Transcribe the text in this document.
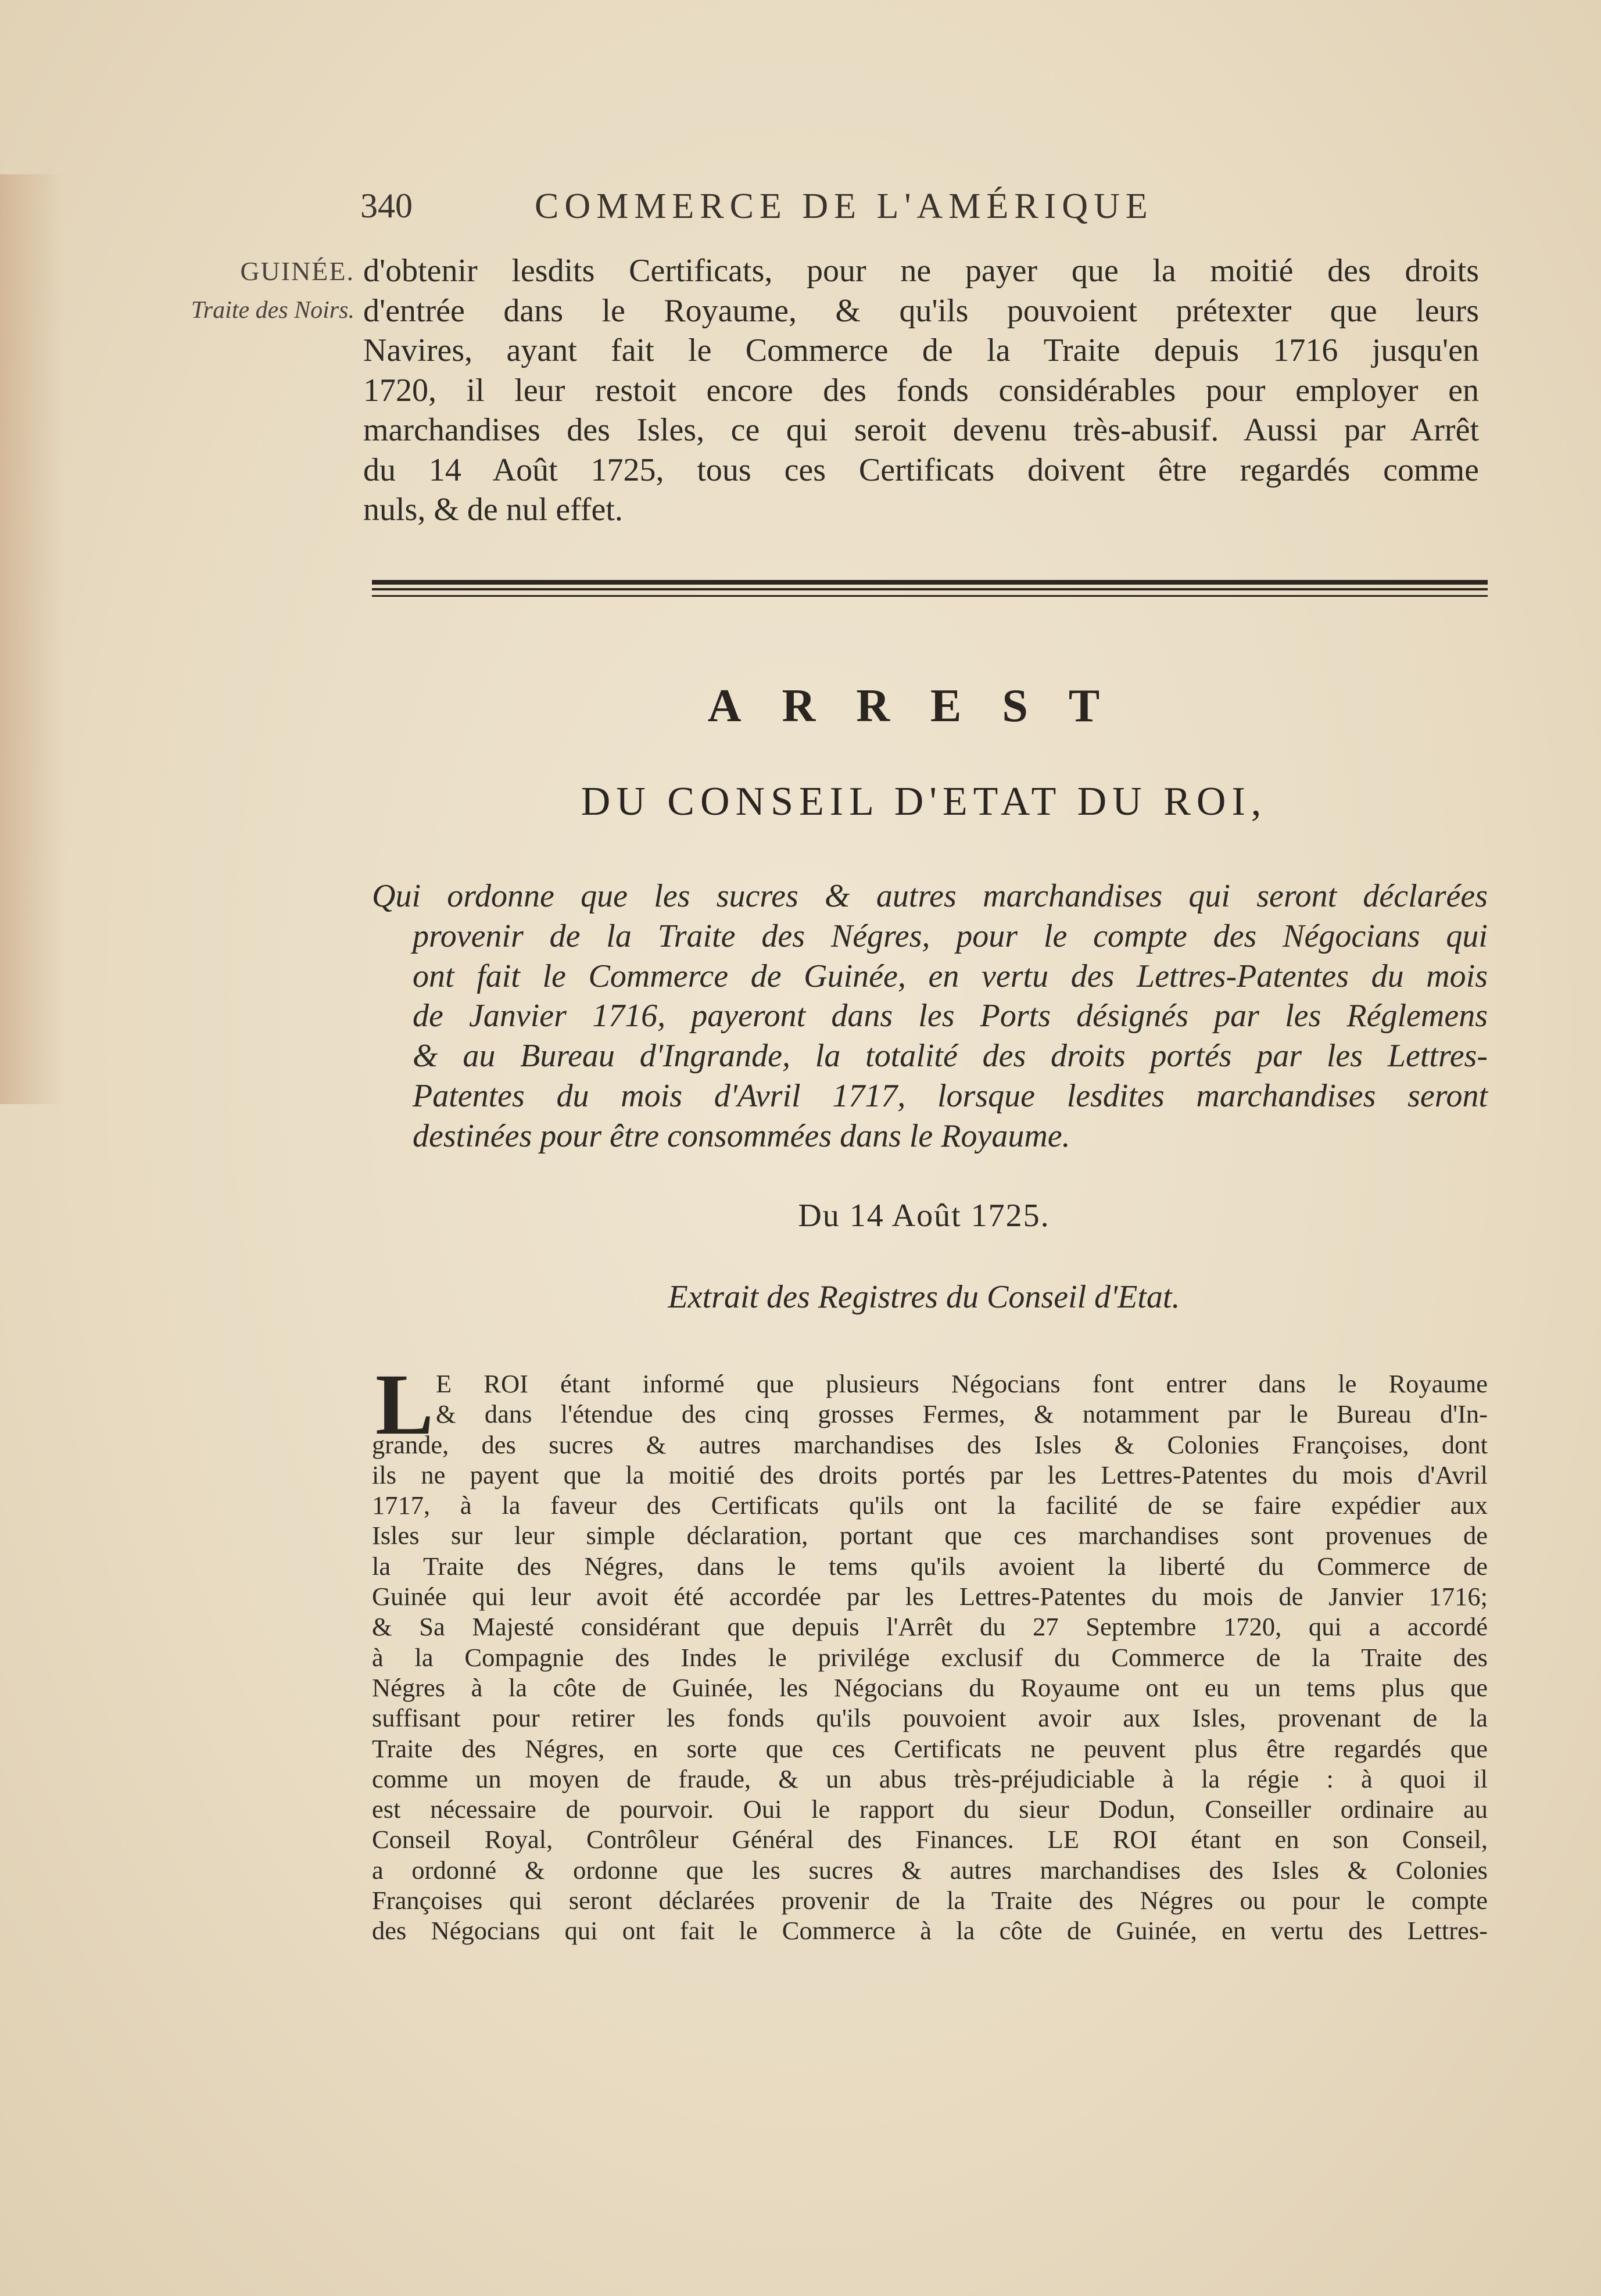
340	COMMERCE DE L'AMÉRIQUE
GUINÉE.
Traite des Noirs.
d'obtenir lesdits Certificats, pour ne payer que la moitié des droits
d'entrée dans le Royaume, & qu'ils pouvoient prétexter que leurs
Navires, ayant fait le Commerce de la Traite depuis 1716 jusqu'en
1720, il leur restoit encore des fonds considérables pour employer en
marchandises des Isles, ce qui seroit devenu très-abusif. Aussi par Arrêt
du 14 Août 1725, tous ces Certificats doivent être regardés comme
nuls, & de nul effet.
ARREST
DU CONSEIL D'ETAT DU ROI,
Qui ordonne que les sucres & autres marchandises qui seront déclarées
provenir de la Traite des Négres, pour le compte des Négocians qui
ont fait le Commerce de Guinée, en vertu des Lettres-Patentes du mois
de Janvier 1716, payeront dans les Ports désignés par les Réglemens
& au Bureau d'Ingrande, la totalité des droits portés par les Lettres-
Patentes du mois d'Avril 1717, lorsque lesdites marchandises seront
destinées pour être consommées dans le Royaume.
Du 14 Août 1725.
Extrait des Registres du Conseil d'Etat.
L E ROI étant informé que plusieurs Négocians font entrer dans le Royaume
& dans l'étendue des cinq grosses Fermes, & notamment par le Bureau d'In-
grande, des sucres & autres marchandises des Isles & Colonies Françoises, dont
ils ne payent que la moitié des droits portés par les Lettres-Patentes du mois d'Avril
1717, à la faveur des Certificats qu'ils ont la facilité de se faire expédier aux
Isles sur leur simple déclaration, portant que ces marchandises sont provenues de
la Traite des Négres, dans le tems qu'ils avoient la liberté du Commerce de
Guinée qui leur avoit été accordée par les Lettres-Patentes du mois de Janvier 1716;
& Sa Majesté considérant que depuis l'Arrêt du 27 Septembre 1720, qui a accordé
à la Compagnie des Indes le privilége exclusif du Commerce de la Traite des
Négres à la côte de Guinée, les Négocians du Royaume ont eu un tems plus que
suffisant pour retirer les fonds qu'ils pouvoient avoir aux Isles, provenant de la
Traite des Négres, en sorte que ces Certificats ne peuvent plus être regardés que
comme un moyen de fraude, & un abus très-préjudiciable à la régie : à quoi il
est nécessaire de pourvoir. Oui le rapport du sieur Dodun, Conseiller ordinaire au
Conseil Royal, Contrôleur Général des Finances. LE ROI étant en son Conseil,
a ordonné & ordonne que les sucres & autres marchandises des Isles & Colonies
Françoises qui seront déclarées provenir de la Traite des Négres ou pour le compte
des Négocians qui ont fait le Commerce à la côte de Guinée, en vertu des Lettres-
